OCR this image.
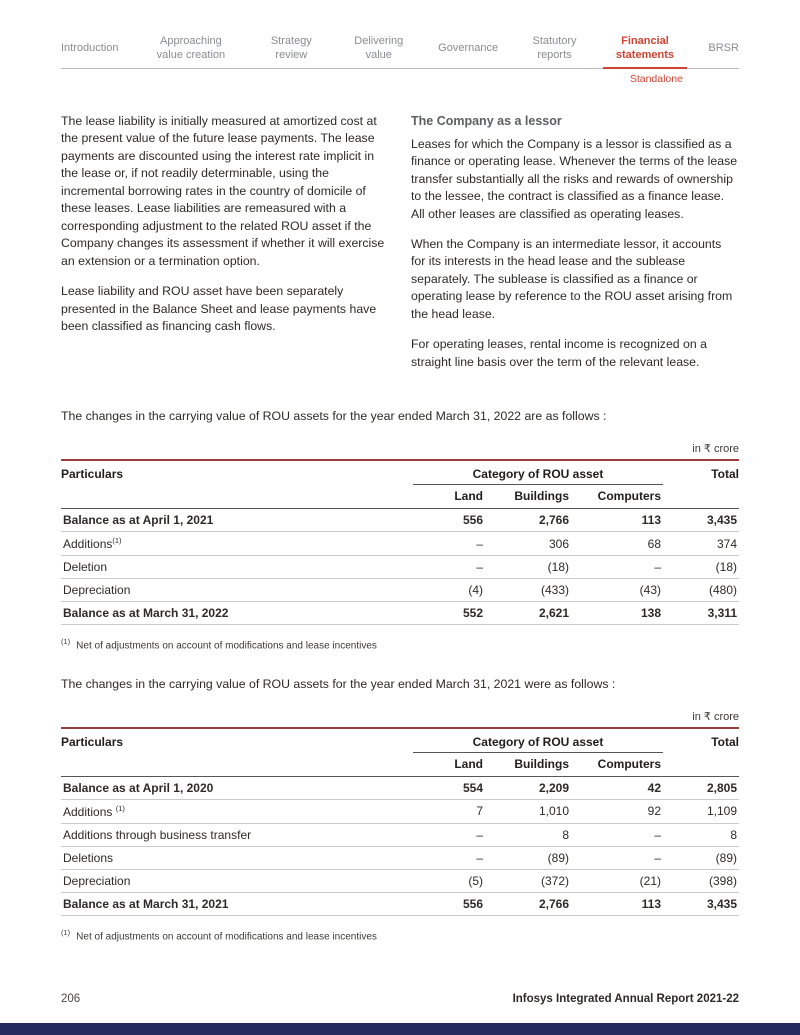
Introduction
Approaching value creation
Strategy review
Delivering value
Governance
Statutory reports
Financial statements
Standalone
BRSR

The lease liability is initially measured at amortized cost at the present value of the future lease payments. The lease payments are discounted using the interest rate implicit in the lease or, if not readily determinable, using the incremental borrowing rates in the country of domicile of these leases. Lease liabilities are remeasured with a corresponding adjustment to the related ROU asset if the Company changes its assessment if whether it will exercise an extension or a termination option.

Lease liability and ROU asset have been separately presented in the Balance Sheet and lease payments have been classified as financing cash flows.

The Company as a lessor

Leases for which the Company is a lessor is classified as a finance or operating lease. Whenever the terms of the lease transfer substantially all the risks and rewards of ownership to the lessee, the contract is classified as a finance lease. All other leases are classified as operating leases.

When the Company is an intermediate lessor, it accounts for its interests in the head lease and the sublease separately. The sublease is classified as a finance or operating lease by reference to the ROU asset arising from the head lease.

For operating leases, rental income is recognized on a straight line basis over the term of the relevant lease.

The changes in the carrying value of ROU assets for the year ended March 31, 2022 are as follows :

in ₹ crore
Particulars	Category of ROU asset			Total
	Land	Buildings	Computers	
Balance as at April 1, 2021	556	2,766	113	3,435
Additions$^{(1)}$	–	306	68	374
Deletion	–	(18)	–	(18)
Depreciation	(4)	(433)	(43)	(480)
Balance as at March 31, 2022	552	2,621	138	3,311

$^{(1)}$ Net of adjustments on account of modifications and lease incentives

The changes in the carrying value of ROU assets for the year ended March 31, 2021 were as follows :

in ₹ crore
Particulars	Category of ROU asset			Total
	Land	Buildings	Computers	
Balance as at April 1, 2020	554	2,209	42	2,805
Additions $^{(1)}$	7	1,010	92	1,109
Additions through business transfer	–	8	–	8
Deletions	–	(89)	–	(89)
Depreciation	(5)	(372)	(21)	(398)
Balance as at March 31, 2021	556	2,766	113	3,435

$^{(1)}$ Net of adjustments on account of modifications and lease incentives

206	Infosys Integrated Annual Report 2021-22
